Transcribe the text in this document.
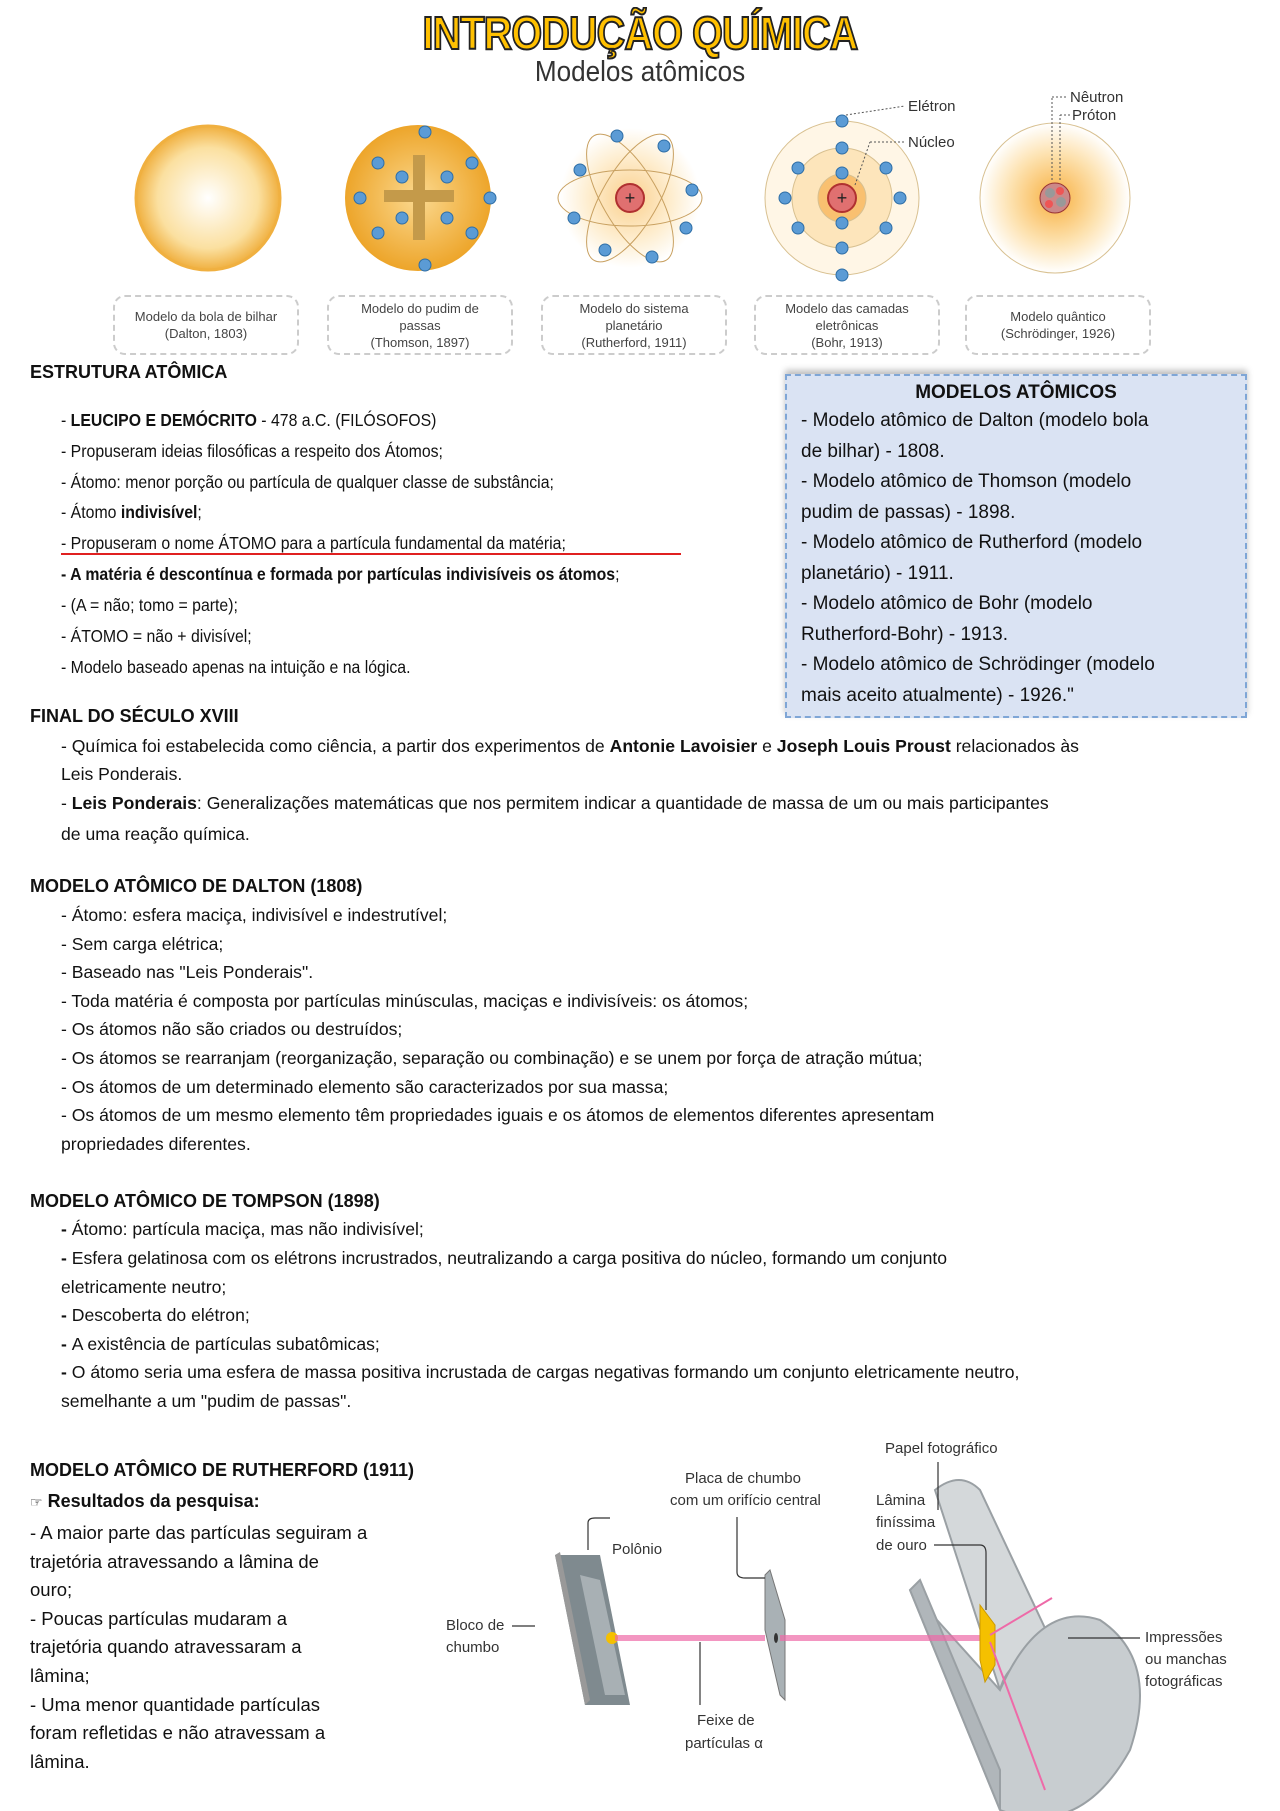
INTRODUÇÃO QUÍMICA
Modelos atômicos
+	+
Elétron
Núcleo
Nêutron
Próton
Modelo da bola de bilhar
(Dalton, 1803)
Modelo do pudim de
passas
(Thomson, 1897)
Modelo do sistema
planetário
(Rutherford, 1911)
Modelo das camadas
eletrônicas
(Bohr, 1913)
Modelo quântico
(Schrödinger, 1926)
MODELOS ATÔMICOS
- Modelo atômico de Dalton (modelo bola
de bilhar) - 1808.
- Modelo atômico de Thomson (modelo
pudim de passas) - 1898.
- Modelo atômico de Rutherford (modelo
planetário) - 1911.
- Modelo atômico de Bohr (modelo
Rutherford-Bohr) - 1913.
- Modelo atômico de Schrödinger (modelo
mais aceito atualmente) - 1926."
ESTRUTURA ATÔMICA
- LEUCIPO E DEMÓCRITO - 478 a.C. (FILÓSOFOS)
- Propuseram ideias filosóficas a respeito dos Átomos;
- Átomo: menor porção ou partícula de qualquer classe de substância;
- Átomo indivisível;
- Propuseram o nome ÁTOMO para a partícula fundamental da matéria;
- A matéria é descontínua e formada por partículas indivisíveis os átomos;
- (A = não; tomo = parte);
- ÁTOMO = não + divisível;
- Modelo baseado apenas na intuição e na lógica.
FINAL DO SÉCULO XVIII
- Química foi estabelecida como ciência, a partir dos experimentos de Antonie Lavoisier e Joseph Louis Proust relacionados às
Leis Ponderais.
- Leis Ponderais: Generalizações matemáticas que nos permitem indicar a quantidade de massa de um ou mais participantes
de uma reação química.
MODELO ATÔMICO DE DALTON (1808)
- Átomo: esfera maciça, indivisível e indestrutível;
- Sem carga elétrica;
- Baseado nas "Leis Ponderais".
- Toda matéria é composta por partículas minúsculas, maciças e indivisíveis: os átomos;
- Os átomos não são criados ou destruídos;
- Os átomos se rearranjam (reorganização, separação ou combinação) e se unem por força de atração mútua;
- Os átomos de um determinado elemento são caracterizados por sua massa;
- Os átomos de um mesmo elemento têm propriedades iguais e os átomos de elementos diferentes apresentam
propriedades diferentes.
MODELO ATÔMICO DE TOMPSON (1898)
- Átomo: partícula maciça, mas não indivisível;
- Esfera gelatinosa com os elétrons incrustrados, neutralizando a carga positiva do núcleo, formando um conjunto
eletricamente neutro;
- Descoberta do elétron;
- A existência de partículas subatômicas;
- O átomo seria uma esfera de massa positiva incrustada de cargas negativas formando um conjunto eletricamente neutro,
semelhante a um "pudim de passas".
MODELO ATÔMICO DE RUTHERFORD (1911)
☞ Resultados da pesquisa:
- A maior parte das partículas seguiram a
trajetória atravessando a lâmina de
ouro;
- Poucas partículas mudaram a
trajetória quando atravessaram a
lâmina;
- Uma menor quantidade partículas
foram refletidas e não atravessam a
lâmina.
Papel fotográfico
Placa de chumbo
com um orifício central	Lâmina
finíssima
de ouro
Polônio
Bloco de
chumbo
Feixe de
partículas α
Impressões
ou manchas
fotográficas
